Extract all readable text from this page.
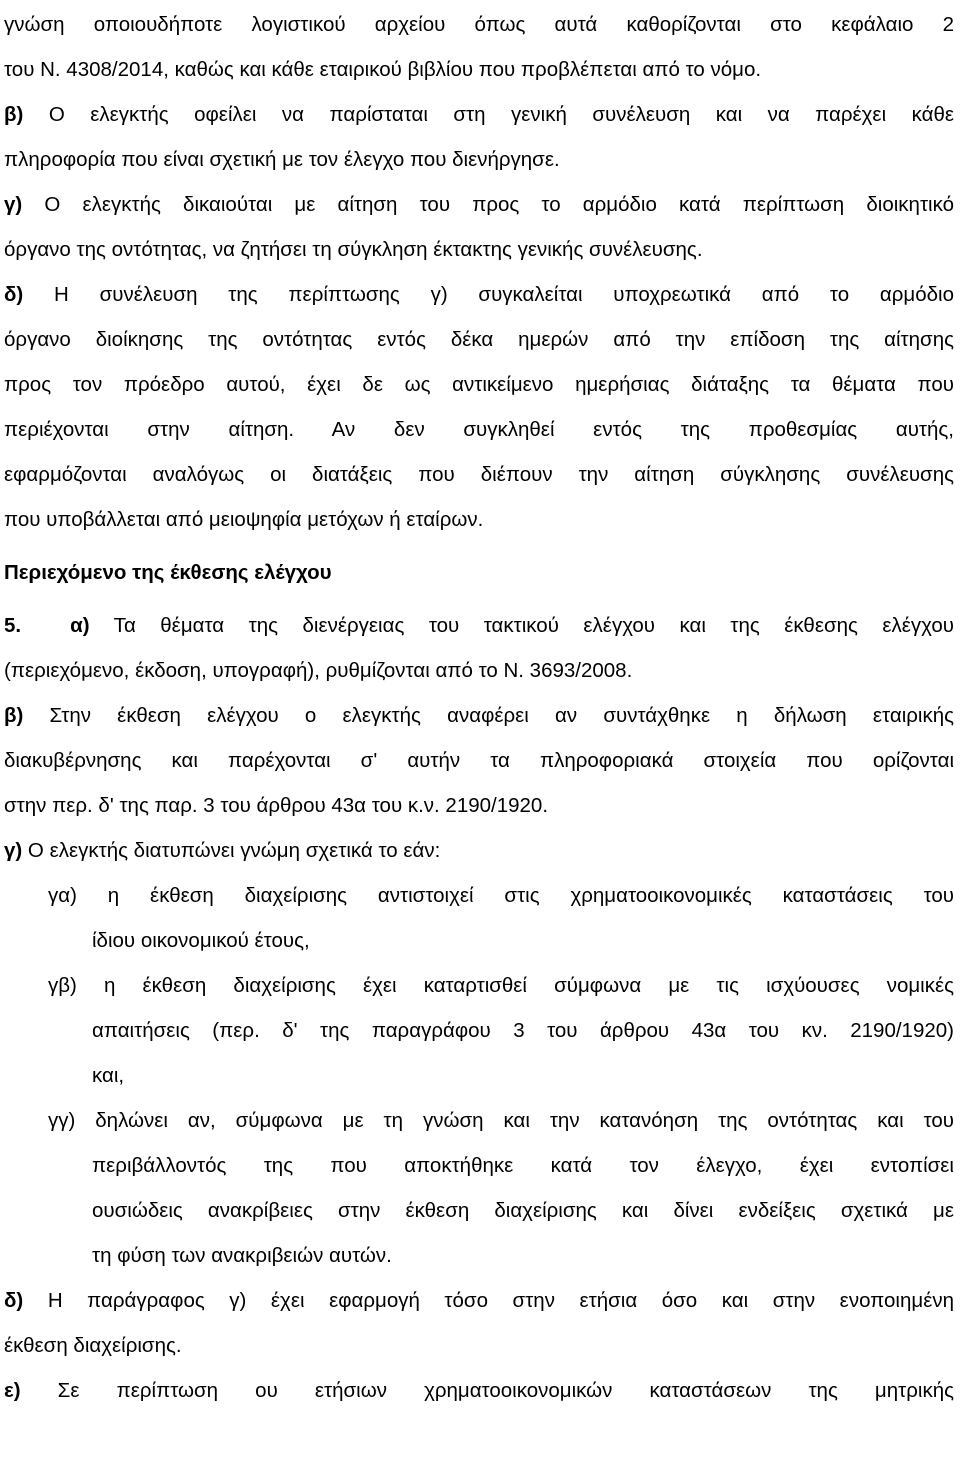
γνώση οποιουδήποτε λογιστικού αρχείου όπως αυτά καθορίζονται στο κεφάλαιο 2
του Ν. 4308/2014, καθώς και κάθε εταιρικού βιβλίου που προβλέπεται από το νόμο.
β) Ο ελεγκτής οφείλει να παρίσταται στη γενική συνέλευση και να παρέχει κάθε
πληροφορία που είναι σχετική με τον έλεγχο που διενήργησε.
γ) Ο ελεγκτής δικαιούται με αίτηση του προς το αρμόδιο κατά περίπτωση διοικητικό
όργανο της οντότητας, να ζητήσει τη σύγκληση έκτακτης γενικής συνέλευσης.
δ) Η συνέλευση της περίπτωσης γ) συγκαλείται υποχρεωτικά από το αρμόδιο
όργανο διοίκησης της οντότητας εντός δέκα ημερών από την επίδοση της αίτησης
προς τον πρόεδρο αυτού, έχει δε ως αντικείμενο ημερήσιας διάταξης τα θέματα που
περιέχονται στην αίτηση. Αν δεν συγκληθεί εντός της προθεσμίας αυτής,
εφαρμόζονται αναλόγως οι διατάξεις που διέπουν την αίτηση σύγκλησης συνέλευσης
που υποβάλλεται από μειοψηφία μετόχων ή εταίρων.
Περιεχόμενο της έκθεσης ελέγχου
5. α) Τα θέματα της διενέργειας του τακτικού ελέγχου και της έκθεσης ελέγχου
(περιεχόμενο, έκδοση, υπογραφή), ρυθμίζονται από το Ν. 3693/2008.
β) Στην έκθεση ελέγχου ο ελεγκτής αναφέρει αν συντάχθηκε η δήλωση εταιρικής
διακυβέρνησης και παρέχονται σ' αυτήν τα πληροφοριακά στοιχεία που ορίζονται
στην περ. δ' της παρ. 3 του άρθρου 43α του κ.ν. 2190/1920.
γ) Ο ελεγκτής διατυπώνει γνώμη σχετικά το εάν:
γα) η έκθεση διαχείρισης αντιστοιχεί στις χρηματοοικονομικές καταστάσεις του
ίδιου οικονομικού έτους,
γβ) η έκθεση διαχείρισης έχει καταρτισθεί σύμφωνα με τις ισχύουσες νομικές
απαιτήσεις (περ. δ' της παραγράφου 3 του άρθρου 43α του κν. 2190/1920)
και,
γγ) δηλώνει αν, σύμφωνα με τη γνώση και την κατανόηση της οντότητας και του
περιβάλλοντός της που αποκτήθηκε κατά τον έλεγχο, έχει εντοπίσει
ουσιώδεις ανακρίβειες στην έκθεση διαχείρισης και δίνει ενδείξεις σχετικά με
τη φύση των ανακριβειών αυτών.
δ) Η παράγραφος γ) έχει εφαρμογή τόσο στην ετήσια όσο και στην ενοποιημένη
έκθεση διαχείρισης.
ε) Σε περίπτωση ου ετήσιων χρηματοοικονομικών καταστάσεων της μητρικής
